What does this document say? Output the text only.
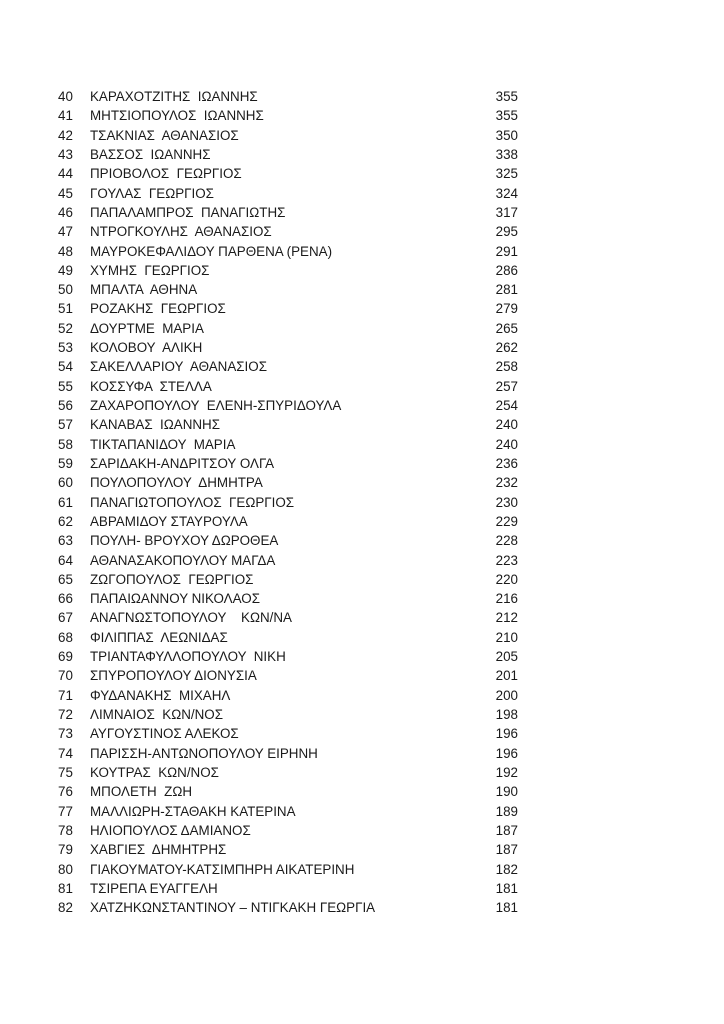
40	ΚΑΡΑΧΟΤΖΙΤΗΣ  ΙΩΑΝΝΗΣ	355
41	ΜΗΤΣΙΟΠΟΥΛΟΣ  ΙΩΑΝΝΗΣ	355
42	ΤΣΑΚΝΙΑΣ  ΑΘΑΝΑΣΙΟΣ	350
43	ΒΑΣΣΟΣ  ΙΩΑΝΝΗΣ	338
44	ΠΡΙΟΒΟΛΟΣ  ΓΕΩΡΓΙΟΣ	325
45	ΓΟΥΛΑΣ  ΓΕΩΡΓΙΟΣ	324
46	ΠΑΠΑΛΑΜΠΡΟΣ  ΠΑΝΑΓΙΩΤΗΣ	317
47	ΝΤΡΟΓΚΟΥΛΗΣ  ΑΘΑΝΑΣΙΟΣ	295
48	ΜΑΥΡΟΚΕΦΑΛΙΔΟΥ ΠΑΡΘΕΝΑ (ΡΕΝΑ)	291
49	ΧΥΜΗΣ  ΓΕΩΡΓΙΟΣ	286
50	ΜΠΑΛΤΑ  ΑΘΗΝΑ	281
51	ΡΟΖΑΚΗΣ  ΓΕΩΡΓΙΟΣ	279
52	ΔΟΥΡΤΜΕ  ΜΑΡΙΑ	265
53	ΚΟΛΟΒΟΥ  ΑΛΙΚΗ	262
54	ΣΑΚΕΛΛΑΡΙΟΥ  ΑΘΑΝΑΣΙΟΣ	258
55	ΚΟΣΣΥΦΑ  ΣΤΕΛΛΑ	257
56	ΖΑΧΑΡΟΠΟΥΛΟΥ  ΕΛΕΝΗ-ΣΠΥΡΙΔΟΥΛΑ	254
57	ΚΑΝΑΒΑΣ  ΙΩΑΝΝΗΣ	240
58	ΤΙΚΤΑΠΑΝΙΔΟΥ  ΜΑΡΙΑ	240
59	ΣΑΡΙΔΑΚΗ-ΑΝΔΡΙΤΣΟΥ ΟΛΓΑ	236
60	ΠΟΥΛΟΠΟΥΛΟΥ  ΔΗΜΗΤΡΑ	232
61	ΠΑΝΑΓΙΩΤΟΠΟΥΛΟΣ  ΓΕΩΡΓΙΟΣ	230
62	ΑΒΡΑΜΙΔΟΥ ΣΤΑΥΡΟΥΛΑ	229
63	ΠΟΥΛΗ- ΒΡΟΥΧΟΥ ΔΩΡΟΘΕΑ	228
64	ΑΘΑΝΑΣΑΚΟΠΟΥΛΟΥ ΜΑΓΔΑ	223
65	ΖΩΓΟΠΟΥΛΟΣ  ΓΕΩΡΓΙΟΣ	220
66	ΠΑΠΑΙΩΑΝΝΟΥ ΝΙΚΟΛΑΟΣ	216
67	ΑΝΑΓΝΩΣΤΟΠΟΥΛΟΥ    ΚΩΝ/ΝΑ	212
68	ΦΙΛΙΠΠΑΣ  ΛΕΩΝΙΔΑΣ	210
69	ΤΡΙΑΝΤΑΦΥΛΛΟΠΟΥΛΟΥ  ΝΙΚΗ	205
70	ΣΠΥΡΟΠΟΥΛΟΥ ΔΙΟΝΥΣΙΑ	201
71	ΦΥΔΑΝΑΚΗΣ  ΜΙΧΑΗΛ	200
72	ΛΙΜΝΑΙΟΣ  ΚΩΝ/ΝΟΣ	198
73	ΑΥΓΟΥΣΤΙΝΟΣ ΑΛΕΚΟΣ	196
74	ΠΑΡΙΣΣΗ-ΑΝΤΩΝΟΠΟΥΛΟΥ ΕΙΡΗΝΗ	196
75	ΚΟΥΤΡΑΣ  ΚΩΝ/ΝΟΣ	192
76	ΜΠΟΛΕΤΗ  ΖΩΗ	190
77	ΜΑΛΛΙΩΡΗ-ΣΤΑΘΑΚΗ ΚΑΤΕΡΙΝΑ	189
78	ΗΛΙΟΠΟΥΛΟΣ ΔΑΜΙΑΝΟΣ	187
79	ΧΑΒΓΙΕΣ  ΔΗΜΗΤΡΗΣ	187
80	ΓΙΑΚΟΥΜΑΤΟΥ-ΚΑΤΣΙΜΠΗΡΗ ΑΙΚΑΤΕΡΙΝΗ	182
81	ΤΣΙΡΕΠΑ ΕΥΑΓΓΕΛΗ	181
82	ΧΑΤΖΗΚΩΝΣΤΑΝΤΙΝΟΥ – ΝΤΙΓΚΑΚΗ ΓΕΩΡΓΙΑ	181
